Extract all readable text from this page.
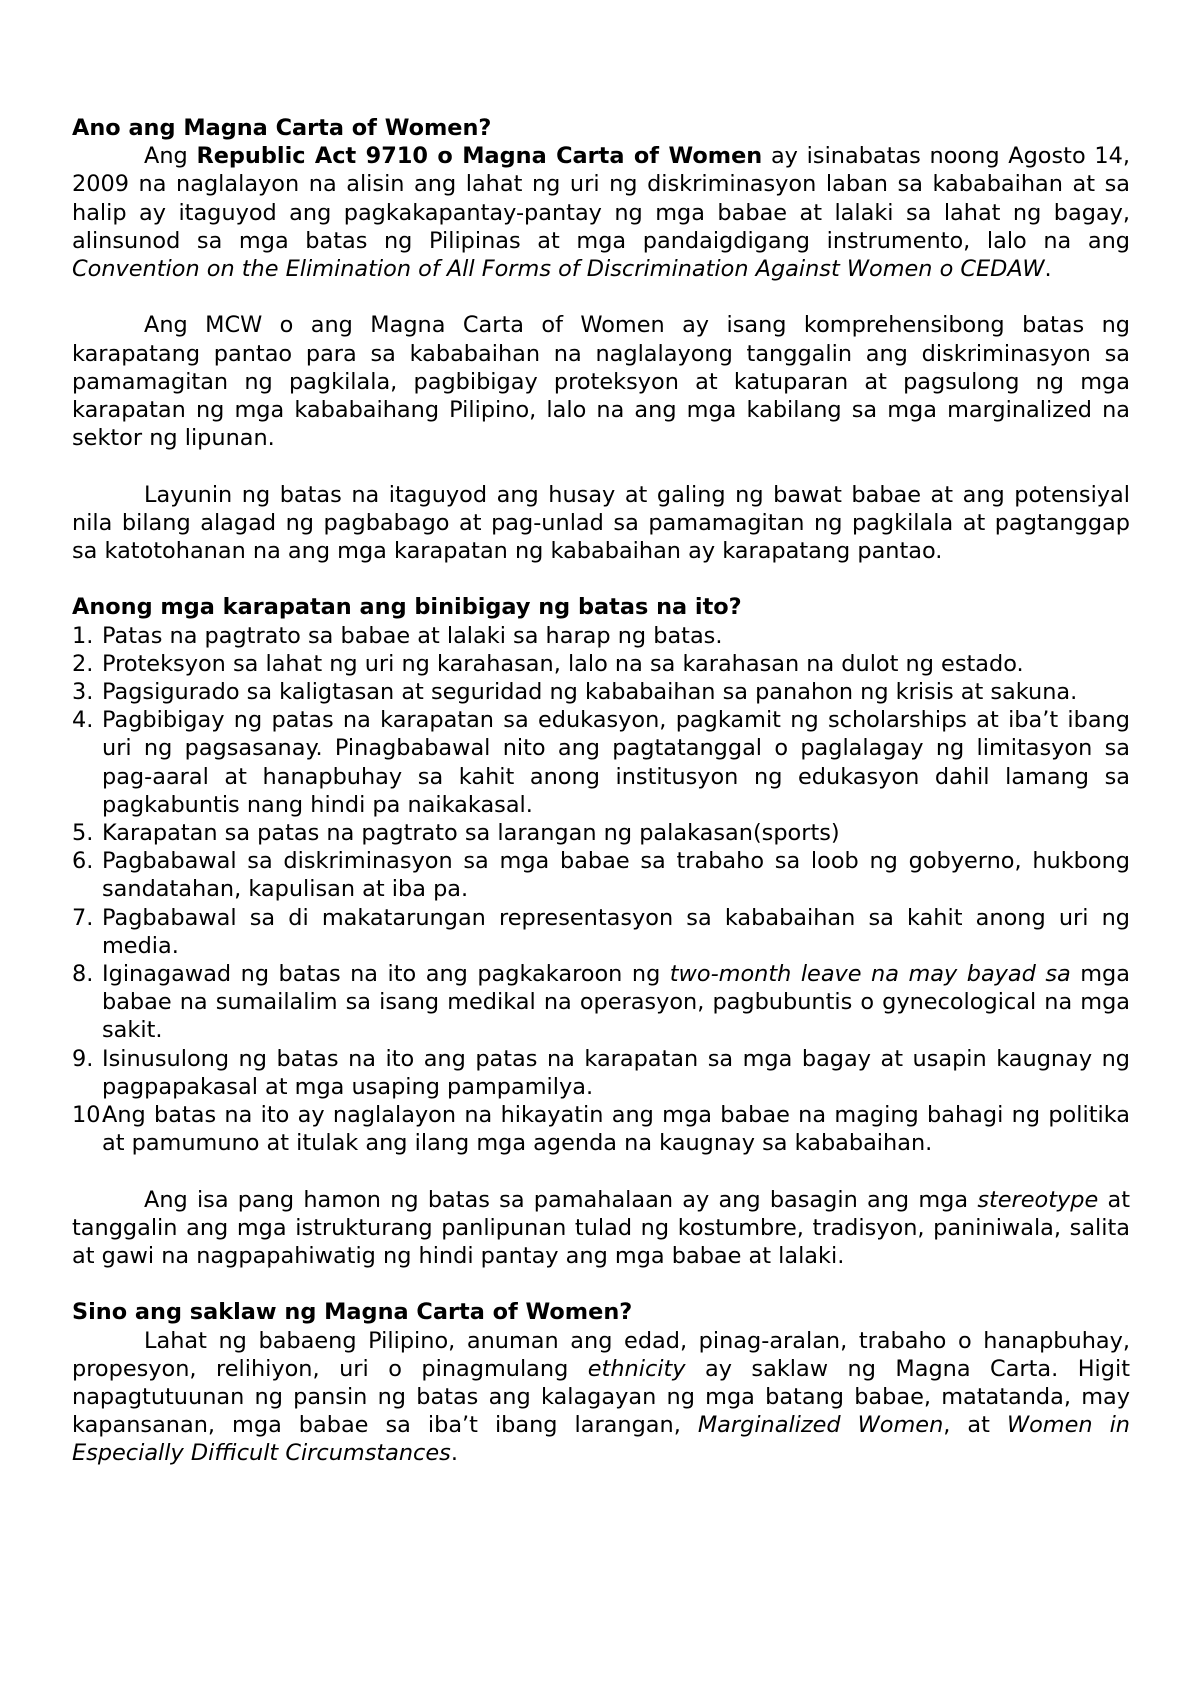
Ano ang Magna Carta of Women?

Ang Republic Act 9710 o Magna Carta of Women ay isinabatas noong Agosto 14, 2009 na naglalayon na alisin ang lahat ng uri ng diskriminasyon laban sa kababaihan at sa halip ay itaguyod ang pagkakapantay-pantay ng mga babae at lalaki sa lahat ng bagay, alinsunod sa mga batas ng Pilipinas at mga pandaigdigang instrumento, lalo na ang Convention on the Elimination of All Forms of Discrimination Against Women o CEDAW.

Ang MCW o ang Magna Carta of Women ay isang komprehensibong batas ng karapatang pantao para sa kababaihan na naglalayong tanggalin ang diskriminasyon sa pamamagitan ng pagkilala, pagbibigay proteksyon at katuparan at pagsulong ng mga karapatan ng mga kababaihang Pilipino, lalo na ang mga kabilang sa mga marginalized na sektor ng lipunan.

Layunin ng batas na itaguyod ang husay at galing ng bawat babae at ang potensiyal nila bilang alagad ng pagbabago at pag-unlad sa pamamagitan ng pagkilala at pagtanggap sa katotohanan na ang mga karapatan ng kababaihan ay karapatang pantao.

Anong mga karapatan ang binibigay ng batas na ito?

1. Patas na pagtrato sa babae at lalaki sa harap ng batas.
2. Proteksyon sa lahat ng uri ng karahasan, lalo na sa karahasan na dulot ng estado.
3. Pagsigurado sa kaligtasan at seguridad ng kababaihan sa panahon ng krisis at sakuna.
4. Pagbibigay ng patas na karapatan sa edukasyon, pagkamit ng scholarships at iba’t ibang uri ng pagsasanay. Pinagbabawal nito ang pagtatanggal o paglalagay ng limitasyon sa pag-aaral at hanapbuhay sa kahit anong institusyon ng edukasyon dahil lamang sa pagkabuntis nang hindi pa naikakasal.
5. Karapatan sa patas na pagtrato sa larangan ng palakasan(sports)
6. Pagbabawal sa diskriminasyon sa mga babae sa trabaho sa loob ng gobyerno, hukbong sandatahan, kapulisan at iba pa.
7. Pagbabawal sa di makatarungan representasyon sa kababaihan sa kahit anong uri ng media.
8. Iginagawad ng batas na ito ang pagkakaroon ng two-month leave na may bayad sa mga babae na sumailalim sa isang medikal na operasyon, pagbubuntis o gynecological na mga sakit.
9. Isinusulong ng batas na ito ang patas na karapatan sa mga bagay at usapin kaugnay ng pagpapakasal at mga usaping pampamilya.
10.
Ang batas na ito ay naglalayon na hikayatin ang mga babae na maging bahagi ng politika at pamumuno at itulak ang ilang mga agenda na kaugnay sa kababaihan.

Ang isa pang hamon ng batas sa pamahalaan ay ang basagin ang mga stereotype at tanggalin ang mga istrukturang panlipunan tulad ng kostumbre, tradisyon, paniniwala, salita at gawi na nagpapahiwatig ng hindi pantay ang mga babae at lalaki.

Sino ang saklaw ng Magna Carta of Women?

Lahat ng babaeng Pilipino, anuman ang edad, pinag-aralan, trabaho o hanapbuhay, propesyon, relihiyon, uri o pinagmulang ethnicity ay saklaw ng Magna Carta. Higit napagtutuunan ng pansin ng batas ang kalagayan ng mga batang babae, matatanda, may kapansanan, mga babae sa iba’t ibang larangan, Marginalized Women, at Women in Especially Difficult Circumstances.
